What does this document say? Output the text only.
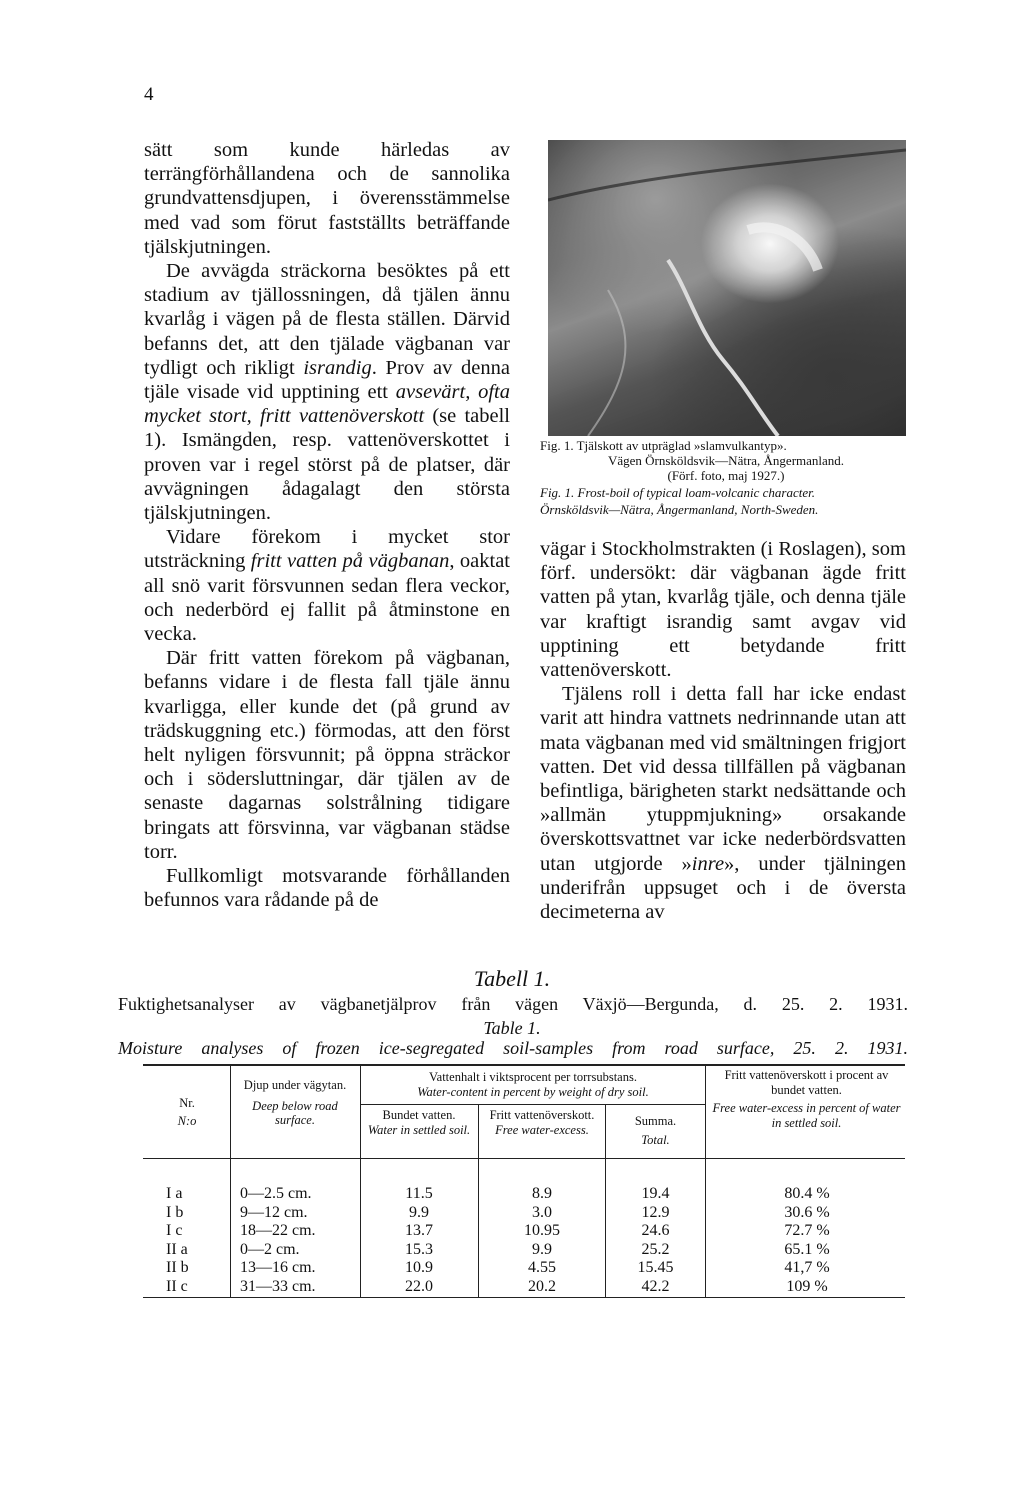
4

sätt som kunde härledas av terrängförhållandena och de sannolika grundvattensdjupen, i överensstämmelse med vad som förut fastställts beträffande tjälskjutningen.

De avvägda sträckorna besöktes på ett stadium av tjällossningen, då tjälen ännu kvarlåg i vägen på de flesta ställen. Därvid befanns det, att den tjälade vägbanan var tydligt och rikligt israndig. Prov av denna tjäle visade vid upptining ett avsevärt, ofta mycket stort, fritt vattenöverskott (se tabell 1). Ismängden, resp. vattenöverskottet i proven var i regel störst på de platser, där avvägningen ådagalagt den största tjälskjutningen.

Vidare förekom i mycket stor utsträckning fritt vatten på vägbanan, oaktat all snö varit försvunnen sedan flera veckor, och nederbörd ej fallit på åtminstone en vecka.

Där fritt vatten förekom på vägbanan, befanns vidare i de flesta fall tjäle ännu kvarligga, eller kunde det (på grund av trädskuggning etc.) förmodas, att den först helt nyligen försvunnit; på öppna sträckor och i södersluttningar, där tjälen av de senaste dagarnas solstrålning tidigare bringats att försvinna, var vägbanan städse torr.

Fullkomligt motsvarande förhållanden befunnos vara rådande på de

Fig. 1. Tjälskott av utpräglad »slamvulkantyp».
Vägen Örnsköldsvik—Nätra, Ångermanland.
(Förf. foto, maj 1927.)
Fig. 1. Frost-boil of typical loam-volcanic character.
Örnsköldsvik—Nätra, Ångermanland, North-Sweden.

vägar i Stockholmstrakten (i Roslagen), som förf. undersökt: där vägbanan ägde fritt vatten på ytan, kvarlåg tjäle, och denna tjäle var kraftigt israndig samt avgav vid upptining ett betydande fritt vattenöverskott.

Tjälens roll i detta fall har icke endast varit att hindra vattnets nedrinnande utan att mata vägbanan med vid smältningen frigjort vatten. Det vid dessa tillfällen på vägbanan befintliga, bärigheten starkt nedsättande och »allmän ytuppmjukning» orsakande överskottsvattnet var icke nederbördsvatten utan utgjorde »inre», under tjälningen underifrån uppsuget och i de översta decimeterna av

Tabell 1.
Fuktighetsanalyser av vägbanetjälprov från vägen Växjö—Bergunda, d. 25. 2. 1931.
Table 1.
Moisture analyses of frozen ice-segregated soil-samples from road surface, 25. 2. 1931.
Nr.
N:o
Djup under vägytan.
Deep below road surface.
Vattenhalt i viktsprocent per torrsubstans.
Water-content in percent by weight of dry soil.
Bundet vatten.
Water in settled soil.
Fritt vattenöverskott.
Free water-excess.
Summa.
Total.
Fritt vattenöverskott i procent av bundet vatten.
Free water-excess in percent of water in settled soil.
I a	0—2.5 cm.	11.5	8.9	19.4	80.4 %
I b	9—12 cm.	9.9	3.0	12.9	30.6 %
I c	18—22 cm.	13.7	10.95	24.6	72.7 %
II a	0—2 cm.	15.3	9.9	25.2	65.1 %
II b	13—16 cm.	10.9	4.55	15.45	41,7 %
II c	31—33 cm.	22.0	20.2	42.2	109 %
